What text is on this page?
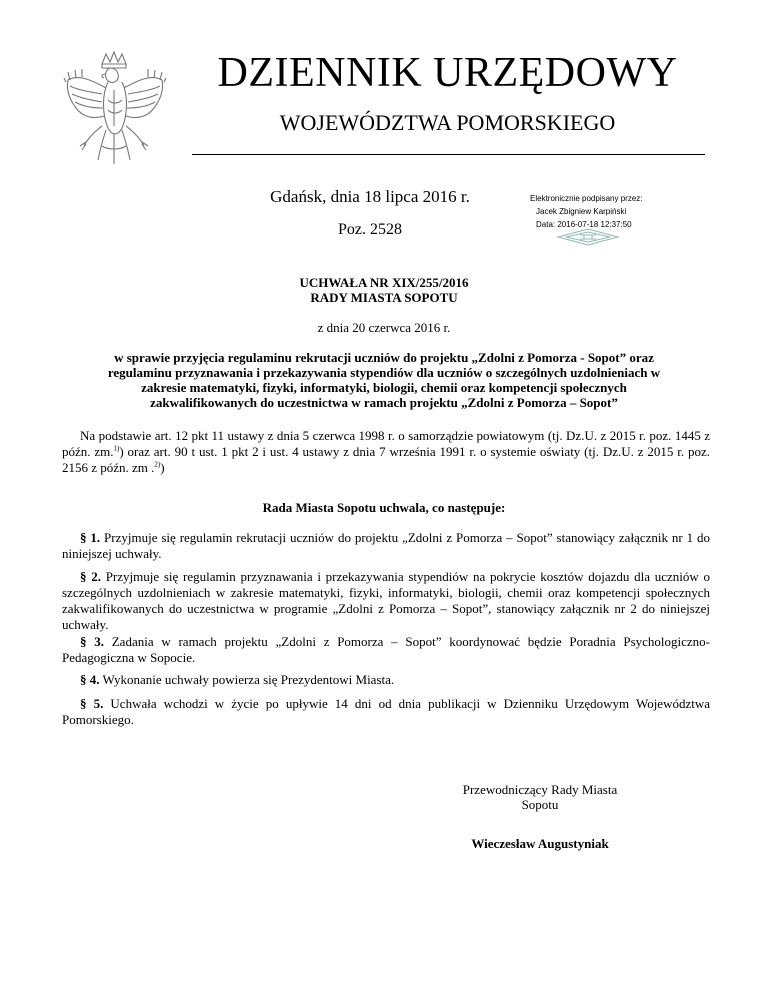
DZIENNIK URZĘDOWY
WOJEWÓDZTWA POMORSKIEGO
Gdańsk, dnia 18 lipca 2016 r.
Poz. 2528
Elektronicznie podpisany przez:
Jacek Zbigniew Karpiński
Data: 2016-07-18 12:37:50
UCHWAŁA NR XIX/255/2016
RADY MIASTA SOPOTU
z dnia 20 czerwca 2016 r.
w sprawie przyjęcia regulaminu rekrutacji uczniów do projektu „Zdolni z Pomorza - Sopot” oraz
regulaminu przyznawania i przekazywania stypendiów dla uczniów o szczególnych uzdolnieniach w
zakresie matematyki, fizyki, informatyki, biologii, chemii oraz kompetencji społecznych
zakwalifikowanych do uczestnictwa w ramach projektu „Zdolni z Pomorza – Sopot”
Na podstawie art. 12 pkt 11 ustawy z dnia 5 czerwca 1998 r. o samorządzie powiatowym (tj. Dz.U. z 2015 r. poz. 1445 z późn. zm.$^{1)}$) oraz art. 90 t ust. 1 pkt 2 i ust. 4 ustawy z dnia 7 września 1991 r. o systemie oświaty (tj. Dz.U. z 2015 r. poz. 2156 z późn. zm .$^{2)}$)
Rada Miasta Sopotu uchwala, co następuje:
§ 1. Przyjmuje się regulamin rekrutacji uczniów do projektu „Zdolni z Pomorza – Sopot” stanowiący załącznik nr 1 do niniejszej uchwały.
§ 2. Przyjmuje się regulamin przyznawania i przekazywania stypendiów na pokrycie kosztów dojazdu dla uczniów o szczególnych uzdolnieniach w zakresie matematyki, fizyki, informatyki, biologii, chemii oraz kompetencji społecznych zakwalifikowanych do uczestnictwa w programie „Zdolni z Pomorza – Sopot”, stanowiący załącznik nr 2 do niniejszej uchwały.
§ 3. Zadania w ramach projektu „Zdolni z Pomorza – Sopot” koordynować będzie Poradnia Psychologiczno-Pedagogiczna w Sopocie.
§ 4. Wykonanie uchwały powierza się Prezydentowi Miasta.
§ 5. Uchwała wchodzi w życie po upływie 14 dni od dnia publikacji w Dzienniku Urzędowym Województwa Pomorskiego.
Przewodniczący Rady Miasta
Sopotu
Wieczesław Augustyniak
